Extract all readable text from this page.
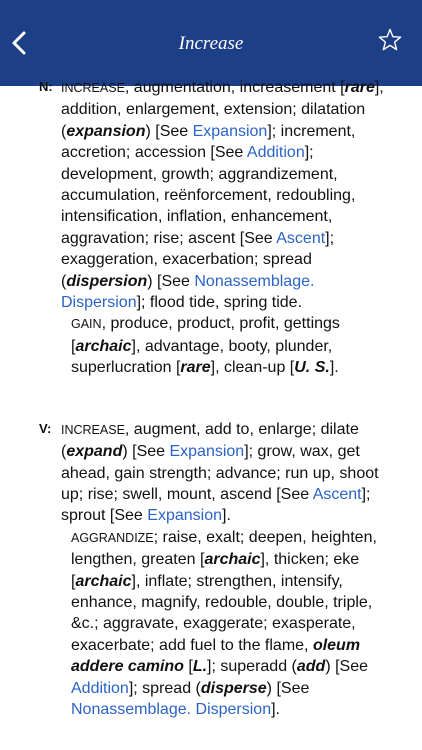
Increase
N: INCREASE, augmentation, increasement [rare], addition, enlargement, extension; dilatation (expansion) [See Expansion]; increment, accretion; accession [See Addition]; development, growth; aggrandizement, accumulation, reënforcement, redoubling, intensification, inflation, enhancement, aggravation; rise; ascent [See Ascent]; exaggeration, exacerbation; spread (dispersion) [See Nonassemblage. Dispersion]; flood tide, spring tide.

GAIN, produce, product, profit, gettings [archaic], advantage, booty, plunder, superlucration [rare], clean-up [U. S.].

V: INCREASE, augment, add to, enlarge; dilate (expand) [See Expansion]; grow, wax, get ahead, gain strength; advance; run up, shoot up; rise; swell, mount, ascend [See Ascent]; sprout [See Expansion].

AGGRANDIZE; raise, exalt; deepen, heighten, lengthen, greaten [archaic], thicken; eke [archaic], inflate; strengthen, intensify, enhance, magnify, redouble, double, triple, &c.; aggravate, exaggerate; exasperate, exacerbate; add fuel to the flame, oleum addere camino [L.]; superadd (add) [See Addition]; spread (disperse) [See Nonassemblage. Dispersion].
